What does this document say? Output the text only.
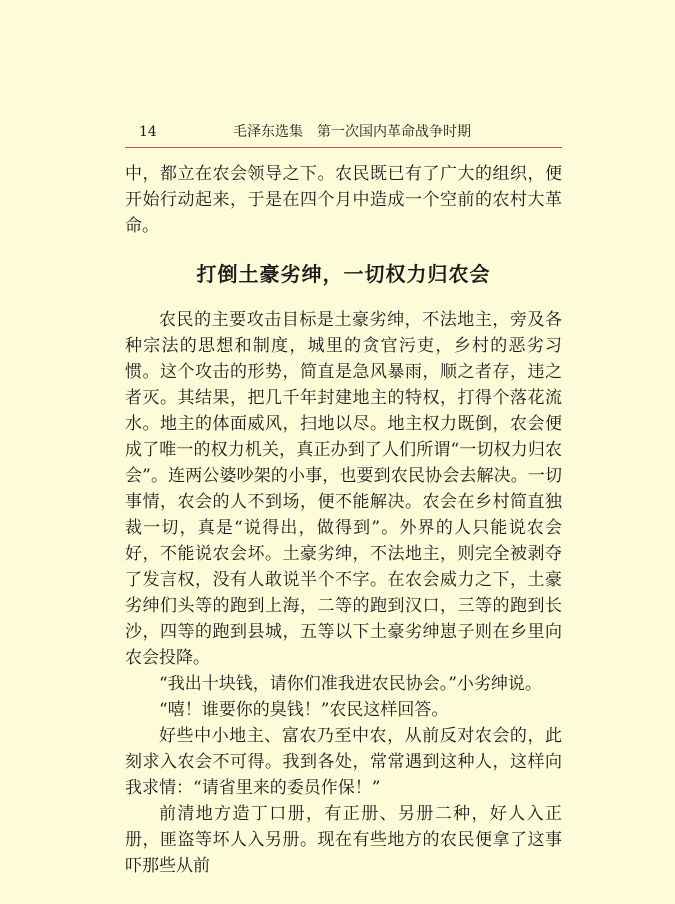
14	毛泽东选集　第一次国内革命战争时期

中，都立在农会领导之下。农民既已有了广大的组织，便开始行动起来，于是在四个月中造成一个空前的农村大革命。

打倒土豪劣绅，一切权力归农会

农民的主要攻击目标是土豪劣绅，不法地主，旁及各种宗法的思想和制度，城里的贪官污吏，乡村的恶劣习惯。这个攻击的形势，简直是急风暴雨，顺之者存，违之者灭。其结果，把几千年封建地主的特权，打得个落花流水。地主的体面威风，扫地以尽。地主权力既倒，农会便成了唯一的权力机关，真正办到了人们所谓“一切权力归农会”。连两公婆吵架的小事，也要到农民协会去解决。一切事情，农会的人不到场，便不能解决。农会在乡村简直独裁一切，真是“说得出，做得到”。外界的人只能说农会好，不能说农会坏。土豪劣绅，不法地主，则完全被剥夺了发言权，没有人敢说半个不字。在农会威力之下，土豪劣绅们头等的跑到上海，二等的跑到汉口，三等的跑到长沙，四等的跑到县城，五等以下土豪劣绅崽子则在乡里向农会投降。

“我出十块钱，请你们准我进农民协会。”小劣绅说。

“嘻！谁要你的臭钱！”农民这样回答。

好些中小地主、富农乃至中农，从前反对农会的，此刻求入农会不可得。我到各处，常常遇到这种人，这样向我求情：“请省里来的委员作保！”

前清地方造丁口册，有正册、另册二种，好人入正册，匪盗等坏人入另册。现在有些地方的农民便拿了这事吓那些从前
